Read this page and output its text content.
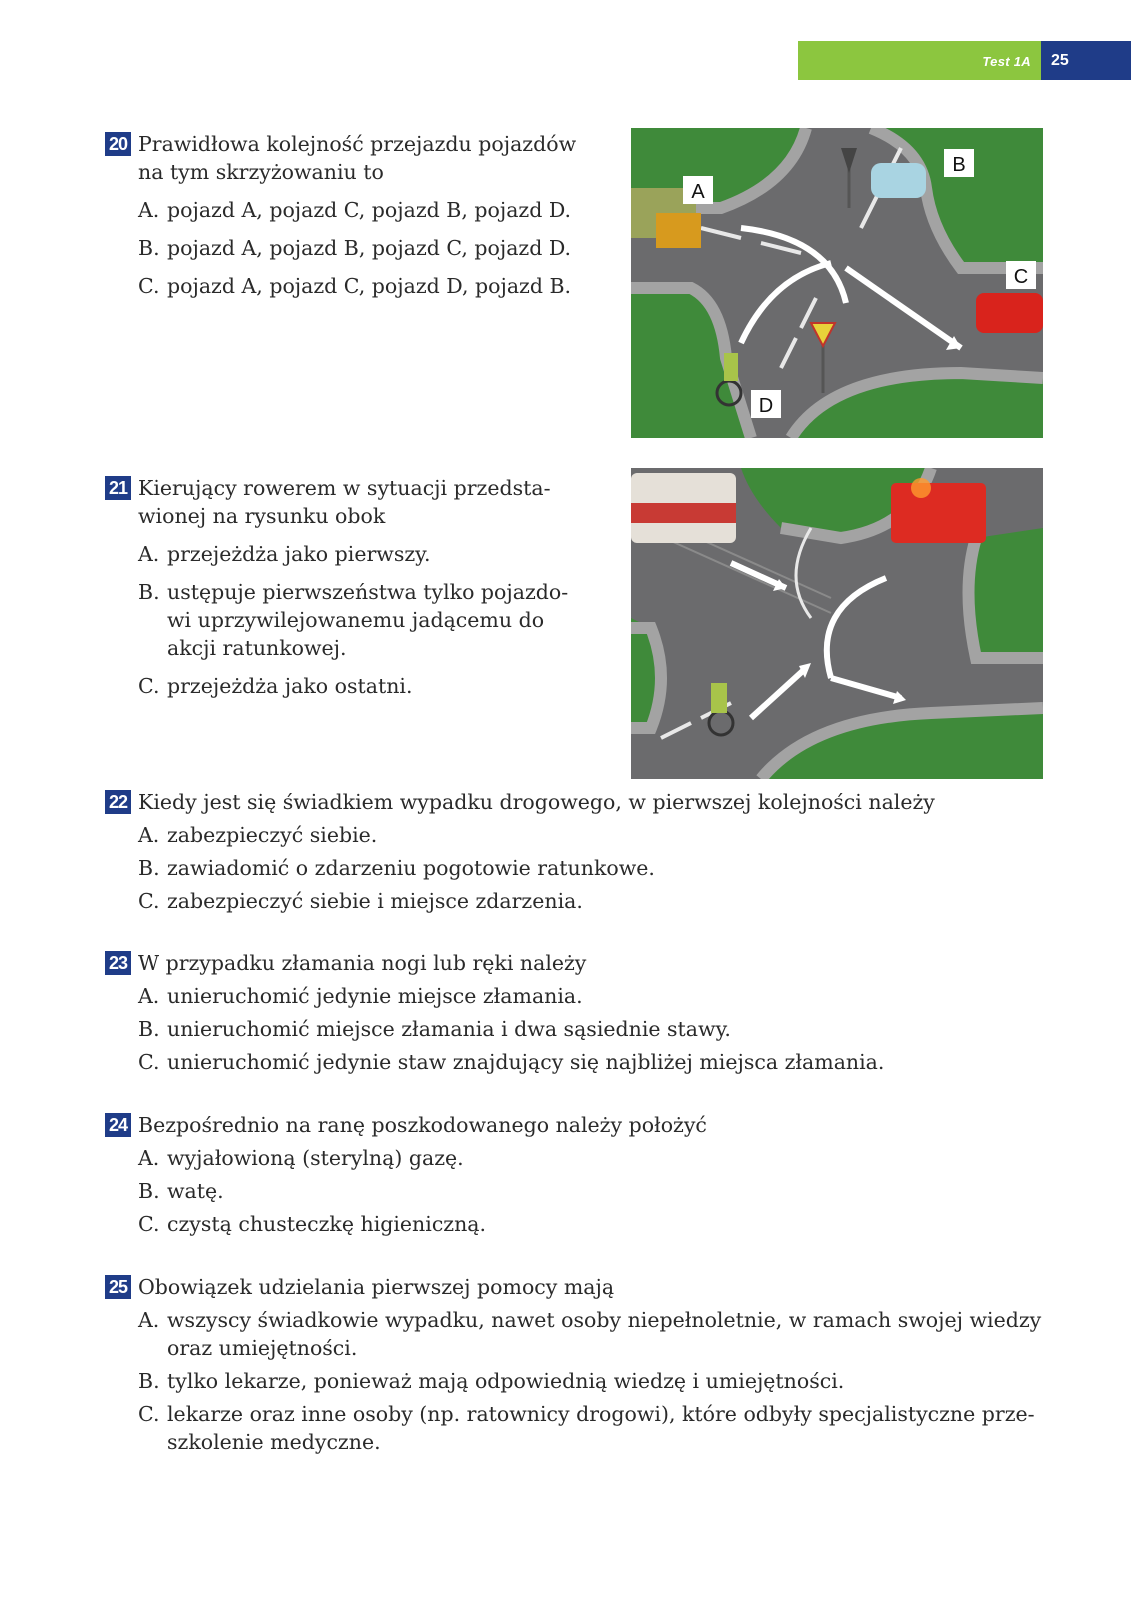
Test 1A 25
20 Prawidłowa kolejność przejazdu pojazdów
na tym skrzyżowaniu to
A. pojazd A, pojazd C, pojazd B, pojazd D.
B. pojazd A, pojazd B, pojazd C, pojazd D.
C. pojazd A, pojazd C, pojazd D, pojazd B.
A
B
C
D
21 Kierujący rowerem w sytuacji przedsta-
wionej na rysunku obok
A. przejeżdża jako pierwszy.
B. ustępuje pierwszeństwa tylko pojazdo-
wi uprzywilejowanemu jadącemu do
akcji ratunkowej.
C. przejeżdża jako ostatni.
22 Kiedy jest się świadkiem wypadku drogowego, w pierwszej kolejności należy
A. zabezpieczyć siebie.
B. zawiadomić o zdarzeniu pogotowie ratunkowe.
C. zabezpieczyć siebie i miejsce zdarzenia.
23 W przypadku złamania nogi lub ręki należy
A. unieruchomić jedynie miejsce złamania.
B. unieruchomić miejsce złamania i dwa sąsiednie stawy.
C. unieruchomić jedynie staw znajdujący się najbliżej miejsca złamania.
24 Bezpośrednio na ranę poszkodowanego należy położyć
A. wyjałowioną (sterylną) gazę.
B. watę.
C. czystą chusteczkę higieniczną.
25 Obowiązek udzielania pierwszej pomocy mają
A. wszyscy świadkowie wypadku, nawet osoby niepełnoletnie, w ramach swojej wiedzy
oraz umiejętności.
B. tylko lekarze, ponieważ mają odpowiednią wiedzę i umiejętności.
C. lekarze oraz inne osoby (np. ratownicy drogowi), które odbyły specjalistyczne prze-
szkolenie medyczne.
